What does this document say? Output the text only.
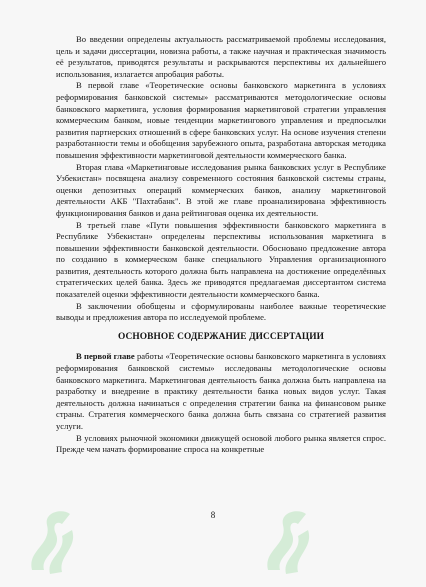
Во введении определены актуальность рассматриваемой проблемы исследования, цель и задачи диссертации, новизна работы, а также научная и практическая значимость её результатов, приводятся результаты и раскрываются перспективы их дальнейшего использования, излагается апробация работы.

В первой главе «Теоретические основы банковского маркетинга в условиях реформирования банковской системы» рассматриваются методологические основы банковского маркетинга, условия формирования маркетинговой стратегии управления коммерческим банком, новые тенденции маркетингового управления и предпосылки развития партнерских отношений в сфере банковских услуг. На основе изучения степени разработанности темы и обобщения зарубежного опыта, разработана авторская методика повышения эффективности маркетинговой деятельности коммерческого банка.

Вторая глава «Маркетинговые исследования рынка банковских услуг в Республике Узбекистан» посвящена анализу современного состояния банковской системы страны, оценки депозитных операций коммерческих банков, анализу маркетинговой деятельности АКБ "Пахтабанк". В этой же главе проанализирована эффективность функционирования банков и дана рейтинговая оценка их деятельности.

В третьей главе «Пути повышения эффективности банковского маркетинга в Республике Узбекистан» определены перспективы использования маркетинга в повышении эффективности банковской деятельности. Обосновано предложение автора по созданию в коммерческом банке специального Управления организационного развития, деятельность которого должна быть направлена на достижение определённых стратегических целей банка. Здесь же приводятся предлагаемая диссертантом система показателей оценки эффективности деятельности коммерческого банка.

В заключении обобщены и сформулированы наиболее важные теоретические выводы и предложения автора по исследуемой проблеме.

ОСНОВНОЕ СОДЕРЖАНИЕ ДИССЕРТАЦИИ

В первой главе работы «Теоретические основы банковского маркетинга в условиях реформирования банковской системы» исследованы методологические основы банковского маркетинга. Маркетинговая деятельность банка должна быть направлена на разработку и внедрение в практику деятельности банка новых видов услуг. Такая деятельность должна начинаться с определения стратегии банка на финансовом рынке страны. Стратегия коммерческого банка должна быть связана со стратегией развития услуги.

В условиях рыночной экономики движущей основой любого рынка является спрос. Прежде чем начать формирование спроса на конкретные

8
